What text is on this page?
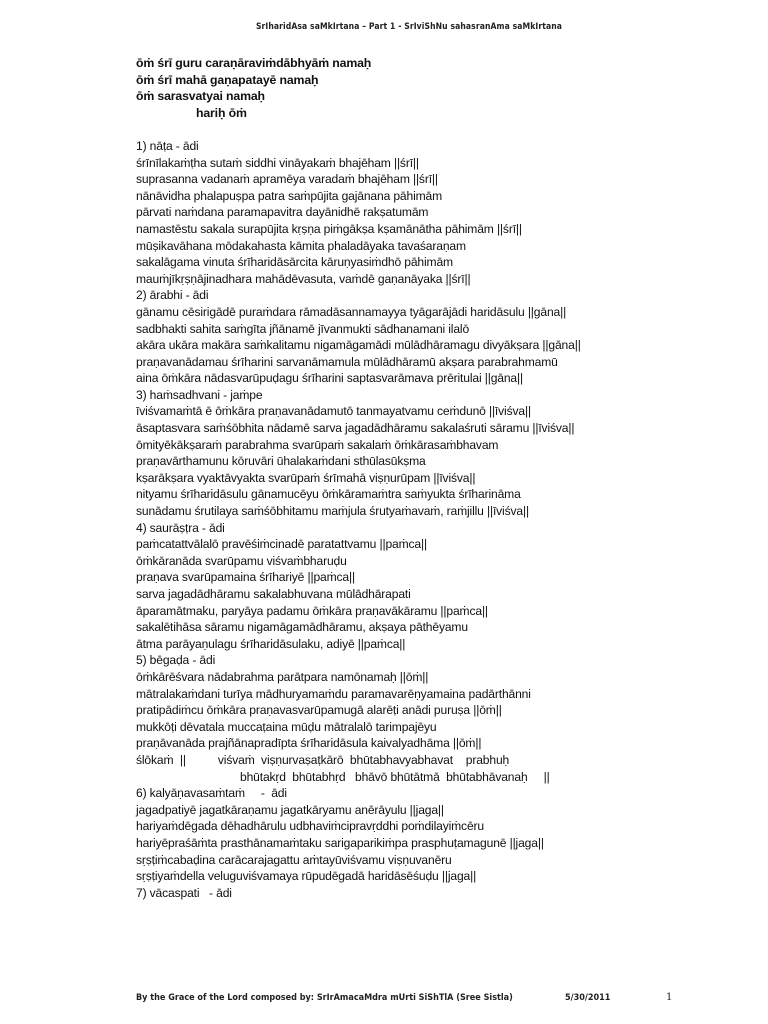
SrIharidAsa saMkIrtana – Part 1 - SrIviShNu sahasranAma saMkIrtana
ōṁ śrī guru caraṇāraviṁdābhyāṁ namaḥ
ōṁ śrī mahā gaṇapatayē namaḥ
ōṁ sarasvatyai namaḥ
hariḥ ōṁ
1) nāṭa - ādi
śrīnīlakaṁṭha sutaṁ siddhi vināyakaṁ bhajēham ||śrī||
suprasanna vadanaṁ apramēya varadaṁ bhajēham ||śrī||
nānāvidha phalapuṣpa patra saṁpūjita gajānana pāhimām
pārvati naṁdana paramapavitra dayānidhē rakṣatumām
namastēstu sakala surapūjita kṛṣṇa piṁgākṣa kṣamānātha pāhimām ||śrī||
mūṣikavāhana mōdakahasta kāmita phaladāyaka tavaśaraṇam
sakalāgama vinuta śrīharidāsārcita kāruṇyasiṁdhō pāhimām
mauṁjīkṛṣṇājinadhara mahādēvasuta, vaṁdē gaṇanāyaka ||śrī||
2) ārabhi - ādi
gānamu cēsirigādē puraṁdara rāmadāsannamayya tyāgarājādi haridāsulu ||gāna||
sadbhakti sahita saṁgīta jñānamē jīvanmukti sādhanamani ilalō
akāra ukāra makāra saṁkalitamu nigamāgamādi mūlādhāramagu divyākṣara ||gāna||
praṇavanādamau śrīharini sarvanāmamula mūlādhāramū akṣara parabrahmamū
aina ōṁkāra nādasvarūpuḍagu śrīharini saptasvarāmava prēritulai ||gāna||
3) haṁsadhvani - jaṁpe
īviśvamaṁtā ē ōṁkāra praṇavanādamutō tanmayatvamu ceṁdunō ||īviśva||
āsaptasvara saṁśōbhita nādamē sarva jagadādhāramu sakalaśruti sāramu ||īviśva||
ōmityēkākṣaraṁ parabrahma svarūpaṁ sakalaṁ ōṁkārasaṁbhavam
praṇavārthamunu kōruvāri ūhalakaṁdani sthūlasūkṣma
kṣarākṣara vyaktāvyakta svarūpaṁ śrīmahā viṣṇurūpam ||īviśva||
nityamu śrīharidāsulu gānamucēyu ōṁkāramaṁtra saṁyukta śrīharināma
sunādamu śrutilaya saṁśōbhitamu maṁjula śrutyaṁavaṁ, raṁjillu ||īviśva||
4) saurāṣṭra - ādi
paṁcatattvālalō pravēśiṁcinadē paratattvamu ||paṁca||
ōṁkāranāda svarūpamu viśvaṁbharuḍu
praṇava svarūpamaina śrīhariyē ||paṁca||
sarva jagadādhāramu sakalabhuvana mūlādhārapati
āparamātmaku, paryāya padamu ōṁkāra praṇavākāramu ||paṁca||
sakalētihāsa sāramu nigamāgamādhāramu, akṣaya pāthēyamu
ātma parāyaṇulagu śrīharidāsulaku, adiyē ||paṁca||
5) bēgaḍa - ādi
ōṁkārēśvara nādabrahma parātpara namōnamaḥ ||ōṁ||
mātralakaṁdani turīya mādhuryamaṁdu paramavarēṇyamaina padārthānni
pratipādiṁcu ōṁkāra praṇavasvarūpamugā alarēṭi anādi puruṣa ||ōṁ||
mukkōṭi dēvatala muccaṭaina mūḍu mātralalō tarimpajēyu
praṇāvanāda prajñānapradīpta śrīharidāsula kaivalyadhāma ||ōṁ||
ślōkaṁ  ||          viśvaṁ  viṣṇurvaṣaṭkārō  bhūtabhavyabhavat    prabhuḥ
bhūtakṛd  bhūtabhṛd   bhāvō bhūtātmā  bhūtabhāvanaḥ     ||
6) kalyāṇavasaṁtaṁ     -  ādi
jagadpatiyē jagatkāraṇamu jagatkāryamu anērāyulu ||jaga||
hariyaṁdēgada dēhadhārulu udbhaviṁcipravṛddhi poṁdilayiṁcēru
hariyēpraśāṁta prasthānamaṁtaku sarigaparikiṁpa prasphuṭamagunē ||jaga||
sṛṣṭiṁcabaḍina carācarajagattu aṁtayūviśvamu viṣṇuvanēru
sṛṣṭiyaṁdella veluguviśvamaya rūpudēgadā haridāsēśuḍu ||jaga||
7) vācaspati   - ādi
By the Grace of the Lord composed by: SrIrAmacaMdra mUrti SiShTlA (Sree Sistla)	5/30/2011	1
